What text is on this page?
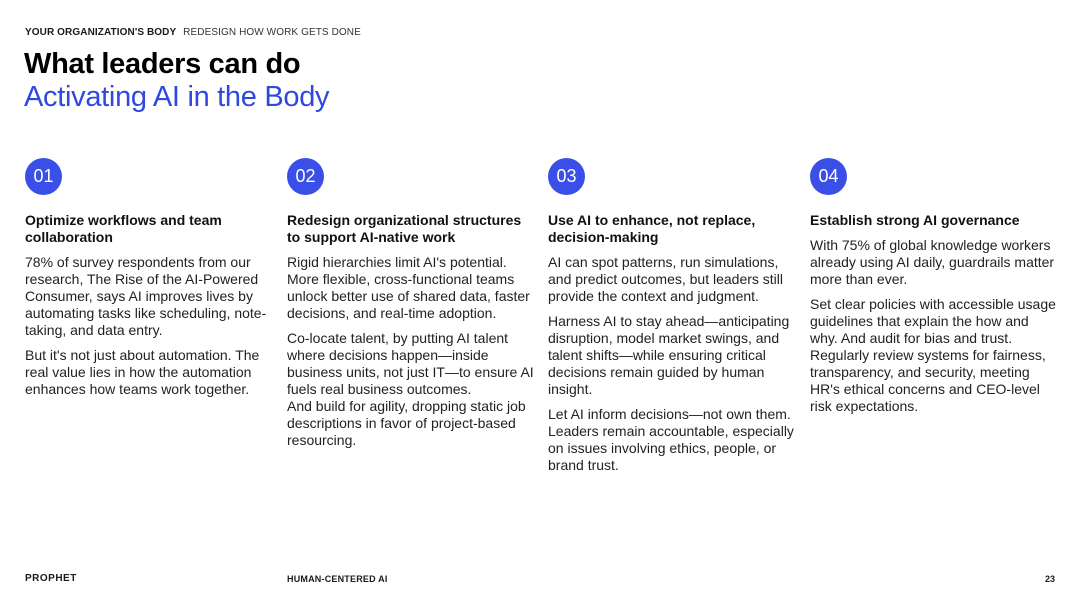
YOUR ORGANIZATION'S BODY REDESIGN HOW WORK GETS DONE
What leaders can do
Activating AI in the Body
01
Optimize workflows and team collaboration

78% of survey respondents from our research, The Rise of the AI-Powered Consumer, says AI improves lives by automating tasks like scheduling, note-taking, and data entry.

But it's not just about automation. The real value lies in how the automation enhances how teams work together.

02
Redesign organizational structures to support AI-native work

Rigid hierarchies limit AI's potential. More flexible, cross-functional teams unlock better use of shared data, faster decisions, and real-time adoption.

Co-locate talent, by putting AI talent where decisions happen—inside business units, not just IT—to ensure AI fuels real business outcomes.

And build for agility, dropping static job descriptions in favor of project-based resourcing.

03
Use AI to enhance, not replace, decision-making

AI can spot patterns, run simulations, and predict outcomes, but leaders still provide the context and judgment.

Harness AI to stay ahead—anticipating disruption, model market swings, and talent shifts—while ensuring critical decisions remain guided by human insight.

Let AI inform decisions—not own them. Leaders remain accountable, especially on issues involving ethics, people, or brand trust.

04
Establish strong AI governance

With 75% of global knowledge workers already using AI daily, guardrails matter more than ever.

Set clear policies with accessible usage guidelines that explain the how and why. And audit for bias and trust.

Regularly review systems for fairness, transparency, and security, meeting HR's ethical concerns and CEO-level risk expectations.

PROPHET	HUMAN-CENTERED AI	23
